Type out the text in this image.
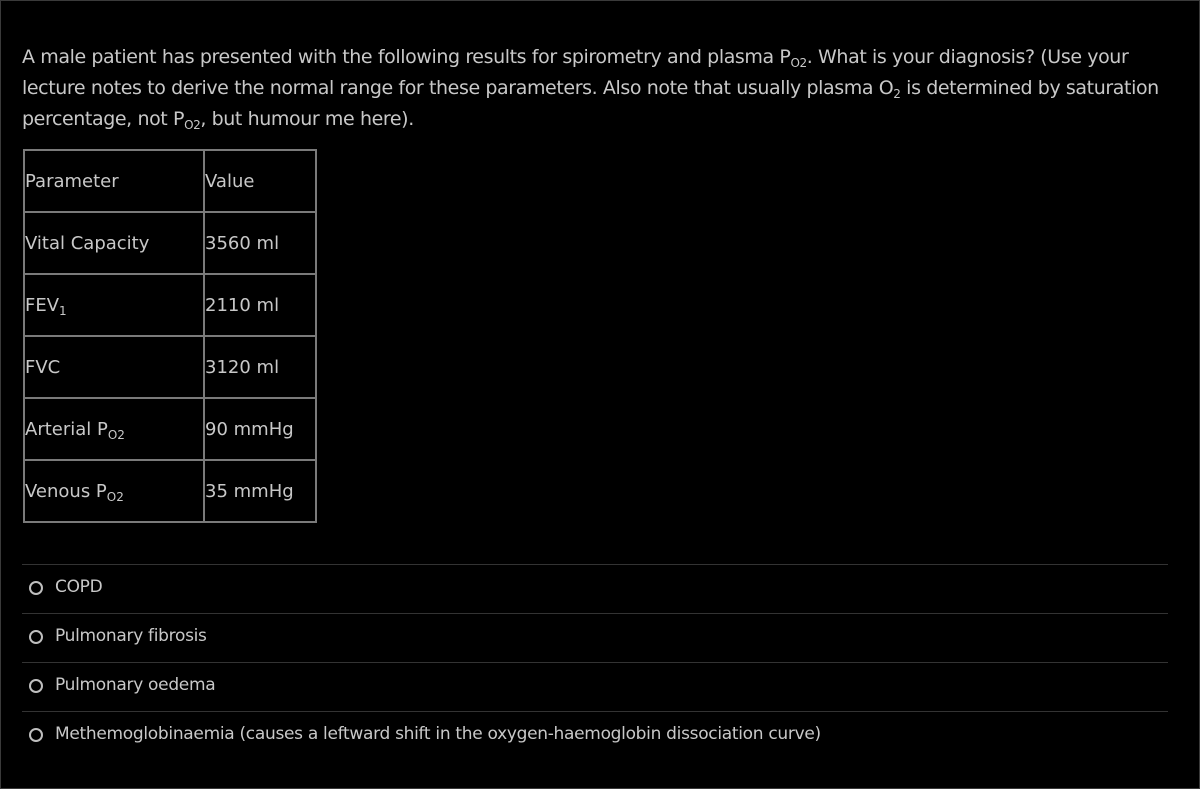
A male patient has presented with the following results for spirometry and plasma $P_{O2}$. What is your diagnosis? (Use your lecture notes to derive the normal range for these parameters. Also note that usually plasma $O_2$ is determined by saturation percentage, not $P_{O2}$, but humour me here).
Parameter	Value
Vital Capacity	3560 ml
$FEV_1$	2110 ml
FVC	3120 ml
Arterial $P_{O2}$	90 mmHg
Venous $P_{O2}$	35 mmHg
COPD
Pulmonary fibrosis
Pulmonary oedema
Methemoglobinaemia (causes a leftward shift in the oxygen-haemoglobin dissociation curve)
